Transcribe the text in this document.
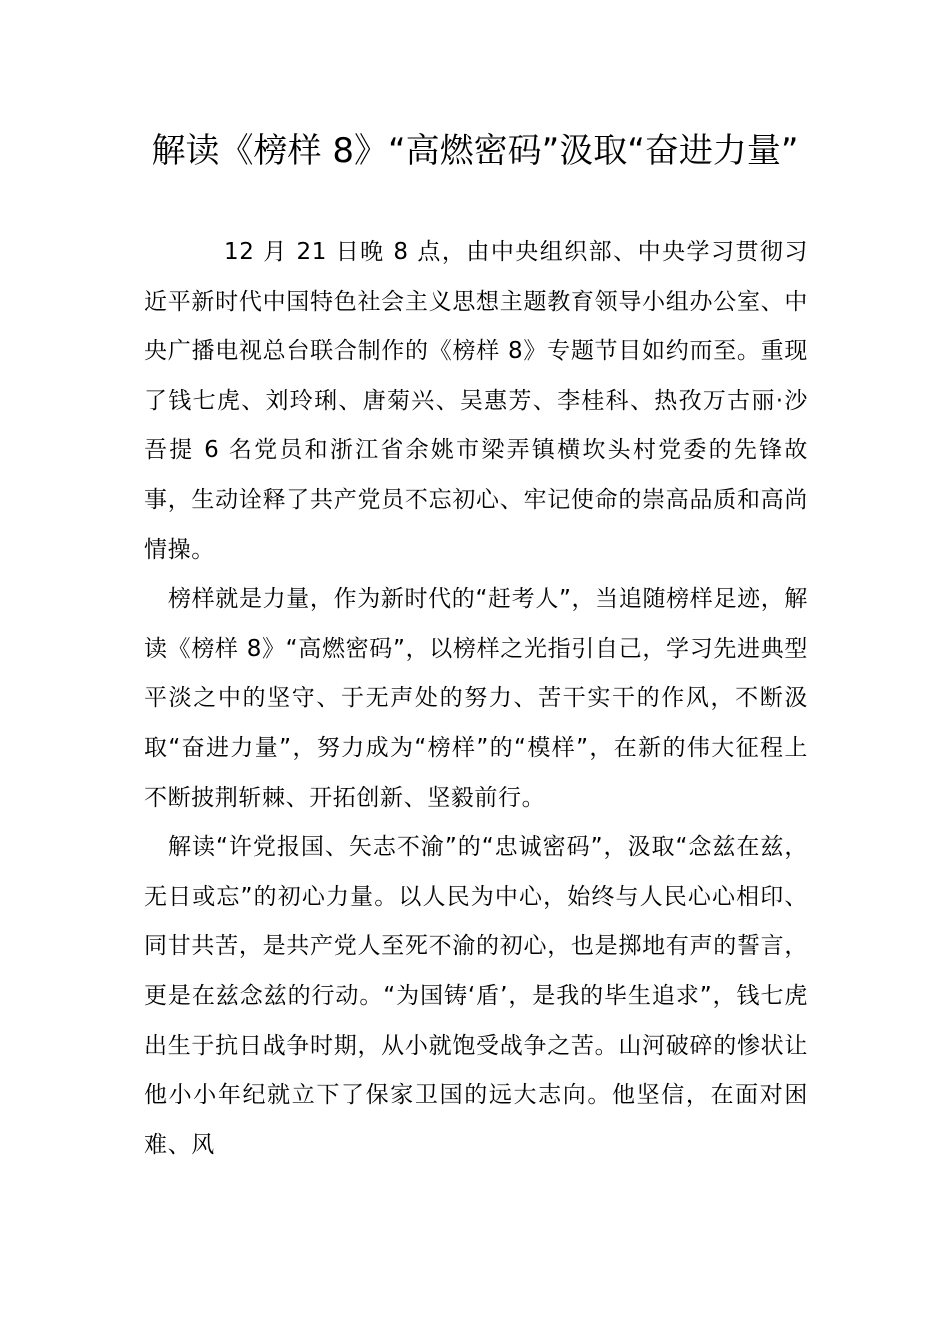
解读《榜样 8》“高燃密码”汲取“奋进力量”

12 月 21 日晚 8 点，由中央组织部、中央学习贯彻习近平新时代中国特色社会主义思想主题教育领导小组办公室、中央广播电视总台联合制作的《榜样 8》专题节目如约而至。重现了钱七虎、刘玲琍、唐菊兴、吴惠芳、李桂科、热孜万古丽·沙吾提 6 名党员和浙江省余姚市梁弄镇横坎头村党委的先锋故事，生动诠释了共产党员不忘初心、牢记使命的崇高品质和高尚情操。

榜样就是力量，作为新时代的“赶考人”，当追随榜样足迹，解读《榜样 8》“高燃密码”，以榜样之光指引自己，学习先进典型平淡之中的坚守、于无声处的努力、苦干实干的作风，不断汲取“奋进力量”，努力成为“榜样”的“模样”，在新的伟大征程上不断披荆斩棘、开拓创新、坚毅前行。

解读“许党报国、矢志不渝”的“忠诚密码”，汲取“念兹在兹，无日或忘”的初心力量。以人民为中心，始终与人民心心相印、同甘共苦，是共产党人至死不渝的初心，也是掷地有声的誓言，更是在兹念兹的行动。“为国铸‘盾’，是我的毕生追求”，钱七虎出生于抗日战争时期，从小就饱受战争之苦。山河破碎的惨状让他小小年纪就立下了保家卫国的远大志向。他坚信，在面对困难、风
